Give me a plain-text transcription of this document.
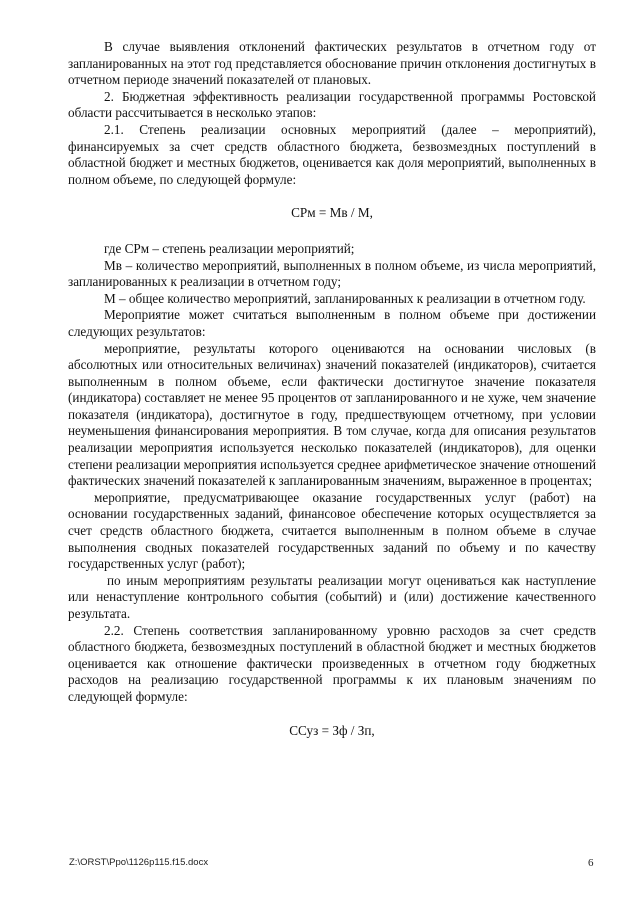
В случае выявления отклонений фактических результатов в отчетном году от запланированных на этот год представляется обоснование причин отклонения достигнутых в отчетном периоде значений показателей от плановых.

2. Бюджетная эффективность реализации государственной программы Ростовской области рассчитывается в несколько этапов:

2.1. Степень реализации основных мероприятий (далее – мероприятий), финансируемых за счет средств областного бюджета, безвозмездных поступлений в областной бюджет и местных бюджетов, оценивается как доля мероприятий, выполненных в полном объеме, по следующей формуле:

СРм = Мв / М,

где СРм – степень реализации мероприятий;

Мв – количество мероприятий, выполненных в полном объеме, из числа мероприятий, запланированных к реализации в отчетном году;

М – общее количество мероприятий, запланированных к реализации в отчетном году.

Мероприятие может считаться выполненным в полном объеме при достижении следующих результатов:

мероприятие, результаты которого оцениваются на основании числовых (в абсолютных или относительных величинах) значений показателей (индикаторов), считается выполненным в полном объеме, если фактически достигнутое значение показателя (индикатора) составляет не менее 95 процентов от запланированного и не хуже, чем значение показателя (индикатора), достигнутое в году, предшествующем отчетному, при условии неуменьшения финансирования мероприятия. В том случае, когда для описания результатов реализации мероприятия используется несколько показателей (индикаторов), для оценки степени реализации мероприятия используется среднее арифметическое значение отношений фактических значений показателей к запланированным значениям, выраженное в процентах;

мероприятие, предусматривающее оказание государственных услуг (работ) на основании государственных заданий, финансовое обеспечение которых осуществляется за счет средств областного бюджета, считается выполненным в полном объеме в случае выполнения сводных показателей государственных заданий по объему и по качеству государственных услуг (работ);

по иным мероприятиям результаты реализации могут оцениваться как наступление или ненаступление контрольного события (событий) и (или) достижение качественного результата.

2.2. Степень соответствия запланированному уровню расходов за счет средств областного бюджета, безвозмездных поступлений в областной бюджет и местных бюджетов оценивается как отношение фактически произведенных в отчетном году бюджетных расходов на реализацию государственной программы к их плановым значениям по следующей формуле:

ССуз = Зф / Зп,

Z:\ORST\Ppo\1126p115.f15.docx	6
